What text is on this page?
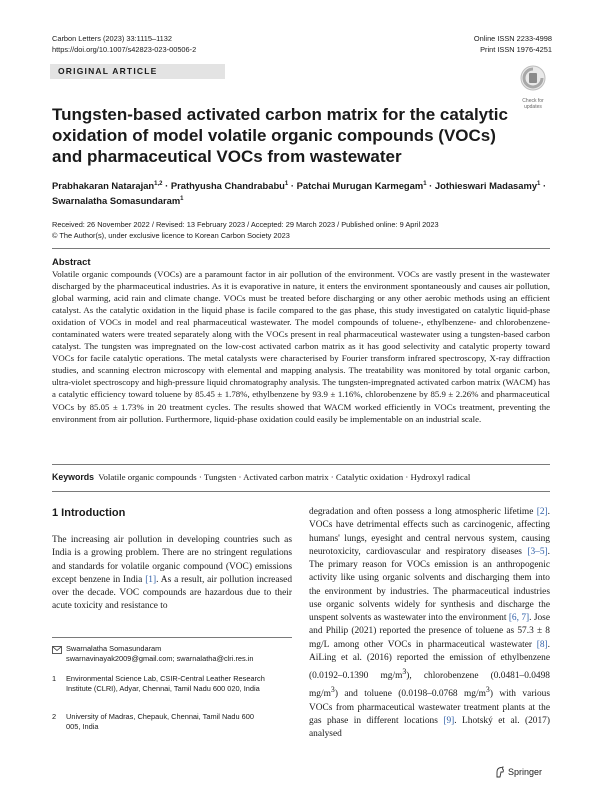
Carbon Letters (2023) 33:1115–1132
https://doi.org/10.1007/s42823-023-00506-2
Online ISSN 2233-4998
Print ISSN 1976-4251
ORIGINAL ARTICLE
Check for updates
Tungsten-based activated carbon matrix for the catalytic oxidation of model volatile organic compounds (VOCs) and pharmaceutical VOCs from wastewater
Prabhakaran Natarajan$^{1,2}$ · Prathyusha Chandrababu$^1$ · Patchai Murugan Karmegam$^1$ · Jothieswari Madasamy$^1$ ·
Swarnalatha Somasundaram$^1$
Received: 26 November 2022 / Revised: 13 February 2023 / Accepted: 29 March 2023 / Published online: 9 April 2023
© The Author(s), under exclusive licence to Korean Carbon Society 2023
Abstract
Volatile organic compounds (VOCs) are a paramount factor in air pollution of the environment. VOCs are vastly present in the wastewater discharged by the pharmaceutical industries. As it is evaporative in nature, it enters the environment spontaneously and causes air pollution, global warming, acid rain and climate change. VOCs must be treated before discharging or any other aerobic methods using an efficient catalyst. As the catalytic oxidation in the liquid phase is facile compared to the gas phase, this study investigated on catalytic liquid-phase oxidation of VOCs in model and real pharmaceutical wastewater. The model compounds of toluene-, ethylbenzene- and chlorobenzene-contaminated waters were treated separately along with the VOCs present in real pharmaceutical wastewater using a tungsten-based carbon catalyst. The tungsten was impregnated on the low-cost activated carbon matrix as it has good selectivity and catalytic property toward VOCs for facile catalytic operations. The metal catalysts were characterised by Fourier transform infrared spectroscopy, X-ray diffraction studies, and scanning electron microscopy with elemental and mapping analysis. The treatability was monitored by total organic carbon, ultra-violet spectroscopy and high-pressure liquid chromatography analysis. The tungsten-impregnated activated carbon matrix (WACM) has a catalytic efficiency toward toluene by 85.45 ± 1.78%, ethylbenzene by 93.9 ± 1.16%, chlorobenzene by 85.9 ± 2.26% and pharmaceutical VOCs by 85.05 ± 1.73% in 20 treatment cycles. The results showed that WACM worked efficiently in VOCs treatment, preventing the environment from air pollution. Furthermore, liquid-phase oxidation could easily be implementable on an industrial scale.
Keywords Volatile organic compounds · Tungsten · Activated carbon matrix · Catalytic oxidation · Hydroxyl radical
1 Introduction
The increasing air pollution in developing countries such as India is a growing problem. There are no stringent regulations and standards for volatile organic compound (VOC) emissions except benzene in India [1]. As a result, air pollution increased over the decade. VOC compounds are hazardous due to their acute toxicity and resistance to
Swarnalatha Somasundaram
swarnavinayak2009@gmail.com; swarnalatha@clri.res.in
1 Environmental Science Lab, CSIR-Central Leather Research Institute (CLRI), Adyar, Chennai, Tamil Nadu 600 020, India
2 University of Madras, Chepauk, Chennai, Tamil Nadu 600 005, India
degradation and often possess a long atmospheric lifetime [2]. VOCs have detrimental effects such as carcinogenic, affecting humans' lungs, eyesight and central nervous system, causing neurotoxicity, cardiovascular and respiratory diseases [3–5]. The primary reason for VOCs emission is an anthropogenic activity like using organic solvents and discharging them into the environment by industries. The pharmaceutical industries use organic solvents widely for synthesis and discharge the unspent solvents as wastewater into the environment [6, 7]. Jose and Philip (2021) reported the presence of toluene as 57.3 ± 8 mg/L among other VOCs in pharmaceutical wastewater [8]. AiLing et al. (2016) reported the emission of ethylbenzene (0.0192–0.1390 $mg/m^3$), chlorobenzene (0.0481–0.0498 $mg/m^3$) and toluene (0.0198–0.0768 $mg/m^3$) with various VOCs from pharmaceutical wastewater treatment plants at the gas phase in different locations [9]. Lhotský et al. (2017) analysed
Springer
